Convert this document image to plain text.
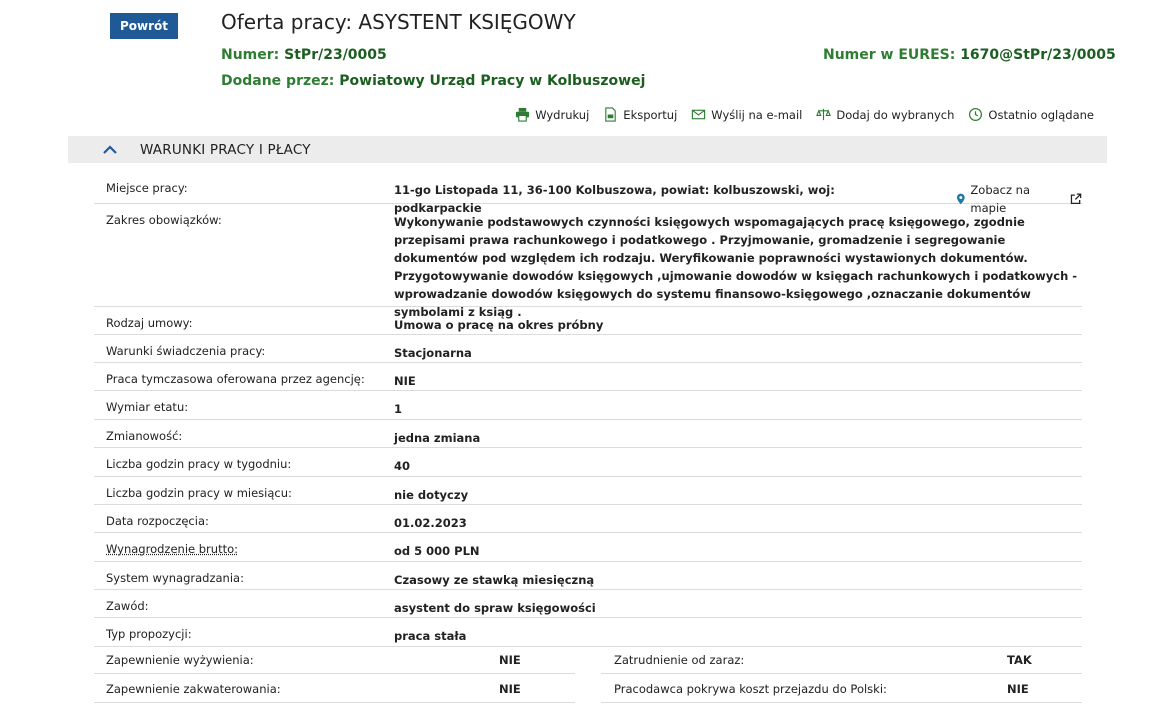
Powrót	Oferta pracy: ASYSTENT KSIĘGOWY
Numer: StPr/23/0005	Numer w EURES: 1670@StPr/23/0005
Dodane przez: Powiatowy Urząd Pracy w Kolbuszowej
Wydrukuj	Eksportuj	Wyślij na e-mail	Dodaj do wybranych	Ostatnio oglądane
WARUNKI PRACY I PŁACY
Miejsce pracy:	11-go Listopada 11, 36-100 Kolbuszowa, powiat: kolbuszowski, woj: podkarpackie
Zobacz na mapie
Zakres obowiązków:	Wykonywanie podstawowych czynności księgowych wspomagających pracę księgowego, zgodnie przepisami prawa rachunkowego i podatkowego . Przyjmowanie, gromadzenie i segregowanie dokumentów pod względem ich rodzaju. Weryfikowanie poprawności wystawionych dokumentów. Przygotowywanie dowodów księgowych ,ujmowanie dowodów w księgach rachunkowych i podatkowych - wprowadzanie dowodów księgowych do systemu finansowo-księgowego ,oznaczanie dokumentów symbolami z ksiąg .
Rodzaj umowy:	Umowa o pracę na okres próbny
Warunki świadczenia pracy:	Stacjonarna
Praca tymczasowa oferowana przez agencję:	NIE
Wymiar etatu:	1
Zmianowość:	jedna zmiana
Liczba godzin pracy w tygodniu:	40
Liczba godzin pracy w miesiącu:	nie dotyczy
Data rozpoczęcia:	01.02.2023
Wynagrodzenie brutto:	od 5 000 PLN
System wynagradzania:	Czasowy ze stawką miesięczną
Zawód:	asystent do spraw księgowości
Typ propozycji:	praca stała
Zapewnienie wyżywienia:	NIE	Zatrudnienie od zaraz:	TAK
Zapewnienie zakwaterowania:	NIE	Pracodawca pokrywa koszt przejazdu do Polski:	NIE
